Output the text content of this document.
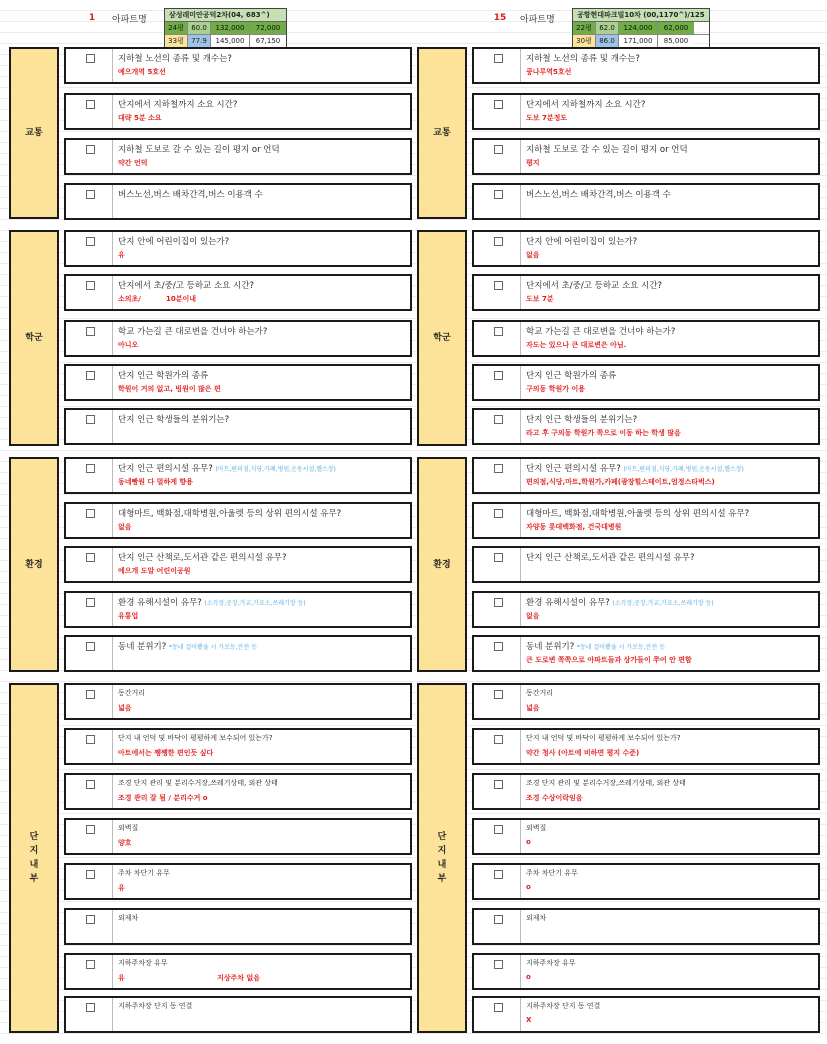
1	아파트명	삼성래미안공덕2차(04, 683^)
24평	60.0	132,000	72,000
33평	77.9	145,000	67,150
교통
학군
환경
단지내부
지하철 노선의 종류 및 개수는?
예으개역 5호선
단지에서 지하철까지 소요 시간?
대략 5분 소요
지하철 도보로 갈 수 있는 길이 평지 or 언덕
약간 언덕
버스노선,버스 배차간격,버스 이용객 수
단지 안에 어린이집이 있는가?
유
단지에서 초/중/고 등하교 소요 시간?
소의초/	10분이내
학교 가는길 큰 대로변을 건너야 하는가?
아니오
단지 인근 학원가의 종류
학원이 거의 없고, 빙원이 많은 편
단지 인근 학생들의 분위기는?
단지 인근 편의시설 유무? (마트,편의점,식당,카페,병원,운동시설,헬스장)
동네빵원 다 멀하게 향용
대형마트, 백화점,대학병원,아울렛 등의 상위 편의시설 유무?
없음
단지 인근 산책로,도서관 같은 편의시설 유무?
에으개 도알 어린이공원
환경 유해시설이 유무? (소각장,공장,가교,가요소,쓰레기장 등)
유통업
동네 분위기? *동네 걸어봤을 시 가로등,안전 등
동간거리
넓음
단지 내 언덕 및 바닥이 평평하게 보수되어 있는가?
아트에서는 쨍쨍한 편인듯 싶다
조경 단지 관리 및 분리수거장,쓰레기상태, 외관 상태
조경 관리 잘 됨 / 분리수거 o
외벽질
양호
주차 차단기 유무
유
외제차
지하주차장 유무
유	지상주차 없음
지하주차장 단지 동 연결
15	아파트명	공항현대파크빌10차 (00,1170^)/125
22평	62.0	124,000	62,000
30평	86.0	171,000	85,000
교통
학군
환경
단지내부
지하철 노선의 종류 및 개수는?
쿵나루역5호선
단지에서 지하철까지 소요 시간?
도보 7분정도
지하철 도보로 갈 수 있는 길이 평지 or 언덕
평지
버스노선,버스 배차간격,버스 이용객 수
단지 안에 어린이집이 있는가?
없음
단지에서 초/중/고 등하교 소요 시간?
도보 7분
학교 가는길 큰 대로변을 건너야 하는가?
자도는 있으나 큰 대로변은 아님.
단지 인근 학원가의 종류
구의동 학원가 이용
단지 인근 학생들의 분위기는?
라고 후 구의동 학원가 쪽으로 이동 하는 학생 많음
단지 인근 편의시설 유무? (마트,편의점,식당,카페,병원,운동시설,헬스장)
편의점,식당,마트,학원가,카페(광장힐스테이트,엄정스타벅스)
대형마트, 백화점,대학병원,아울렛 등의 상위 편의시설 유무?
자양동 롯데백화점, 건국대병원
단지 인근 산책로,도서관 같은 편의시설 유무?
환경 유해시설이 유무? (소각장,공장,가교,가요소,쓰레기장 등)
없음
동네 분위기? *동네 걸어봤을 시 가로등,안전 등
큰 도로변 쪽쪽으로 아파트들과 상가들이 쭈어 안 편함
동간거리
넓음
단지 내 언덕 및 바닥이 평평하게 보수되어 있는가?
약간 청사 (아트에 비하면 평지 수준)
조경 단지 관리 및 분리수거장,쓰레기상태, 외관 상태
조경 수상이락임음
외벽질
o
주차 차단기 유무
o
외제차
지하주차장 유무
o
지하주차장 단지 동 연결
X
